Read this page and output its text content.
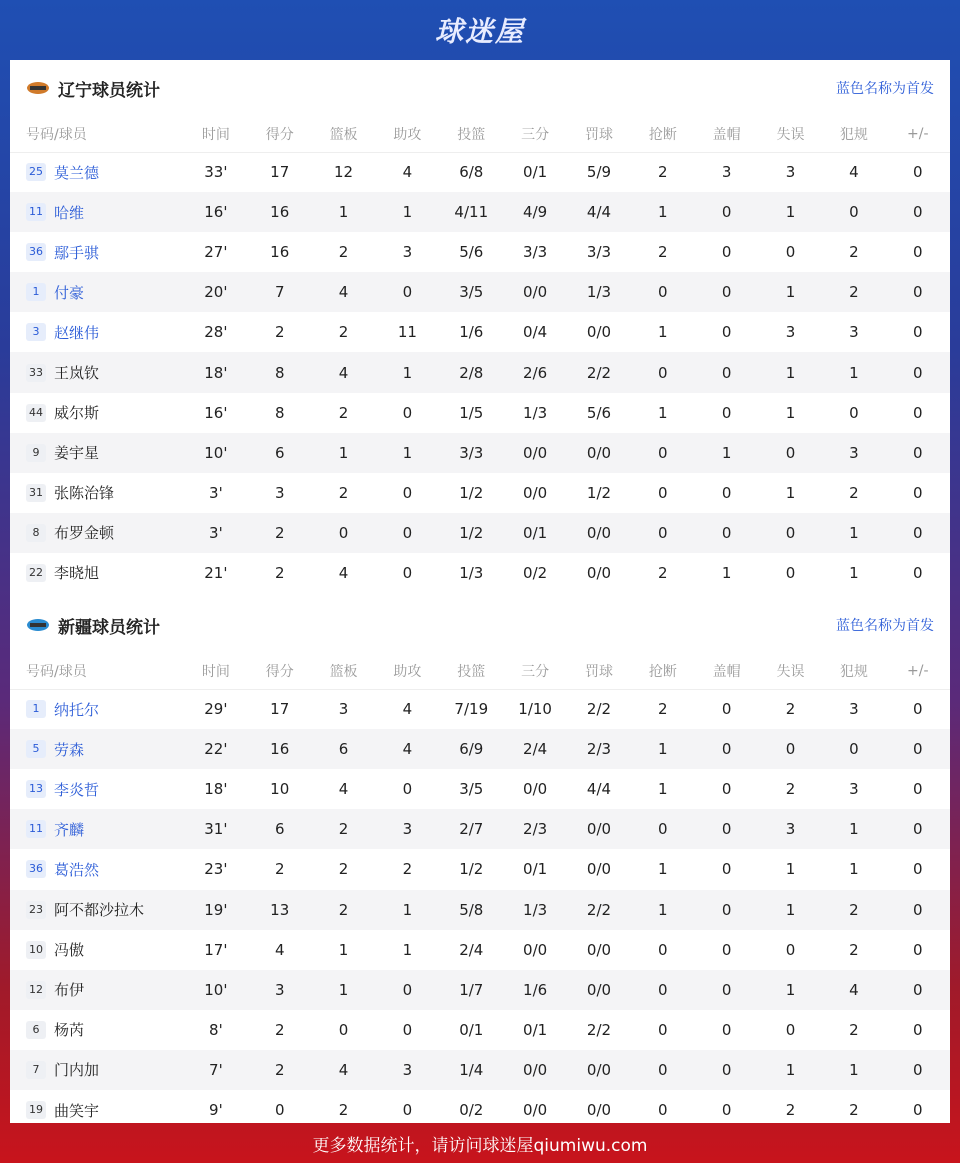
球迷屋
辽宁球员统计	蓝色名称为首发
号码/球员	时间	得分	篮板	助攻	投篮	三分	罚球	抢断	盖帽	失误	犯规	+/-
25 莫兰德	33'	17	12	4	6/8	0/1	5/9	2	3	3	4	0
11 哈维	16'	16	1	1	4/11	4/9	4/4	1	0	1	0	0
36 鄢手骐	27'	16	2	3	5/6	3/3	3/3	2	0	0	2	0
1 付豪	20'	7	4	0	3/5	0/0	1/3	0	0	1	2	0
3 赵继伟	28'	2	2	11	1/6	0/4	0/0	1	0	3	3	0
33 王岚钦	18'	8	4	1	2/8	2/6	2/2	0	0	1	1	0
44 威尔斯	16'	8	2	0	1/5	1/3	5/6	1	0	1	0	0
9 姜宇星	10'	6	1	1	3/3	0/0	0/0	0	1	0	3	0
31 张陈治锋	3'	3	2	0	1/2	0/0	1/2	0	0	1	2	0
8 布罗金顿	3'	2	0	0	1/2	0/1	0/0	0	0	0	1	0
22 李晓旭	21'	2	4	0	1/3	0/2	0/0	2	1	0	1	0
新疆球员统计	蓝色名称为首发
号码/球员	时间	得分	篮板	助攻	投篮	三分	罚球	抢断	盖帽	失误	犯规	+/-
1 纳托尔	29'	17	3	4	7/19	1/10	2/2	2	0	2	3	0
5 劳森	22'	16	6	4	6/9	2/4	2/3	1	0	0	0	0
13 李炎哲	18'	10	4	0	3/5	0/0	4/4	1	0	2	3	0
11 齐麟	31'	6	2	3	2/7	2/3	0/0	0	0	3	1	0
36 葛浩然	23'	2	2	2	1/2	0/1	0/0	1	0	1	1	0
23 阿不都沙拉木	19'	13	2	1	5/8	1/3	2/2	1	0	1	2	0
10 冯傲	17'	4	1	1	2/4	0/0	0/0	0	0	0	2	0
12 布伊	10'	3	1	0	1/7	1/6	0/0	0	0	1	4	0
6 杨芮	8'	2	0	0	0/1	0/1	2/2	0	0	0	2	0
7 门内加	7'	2	4	3	1/4	0/0	0/0	0	0	1	1	0
19 曲笑宇	9'	0	2	0	0/2	0/0	0/0	0	0	2	2	0
更多数据统计，请访问球迷屋qiumiwu.com
